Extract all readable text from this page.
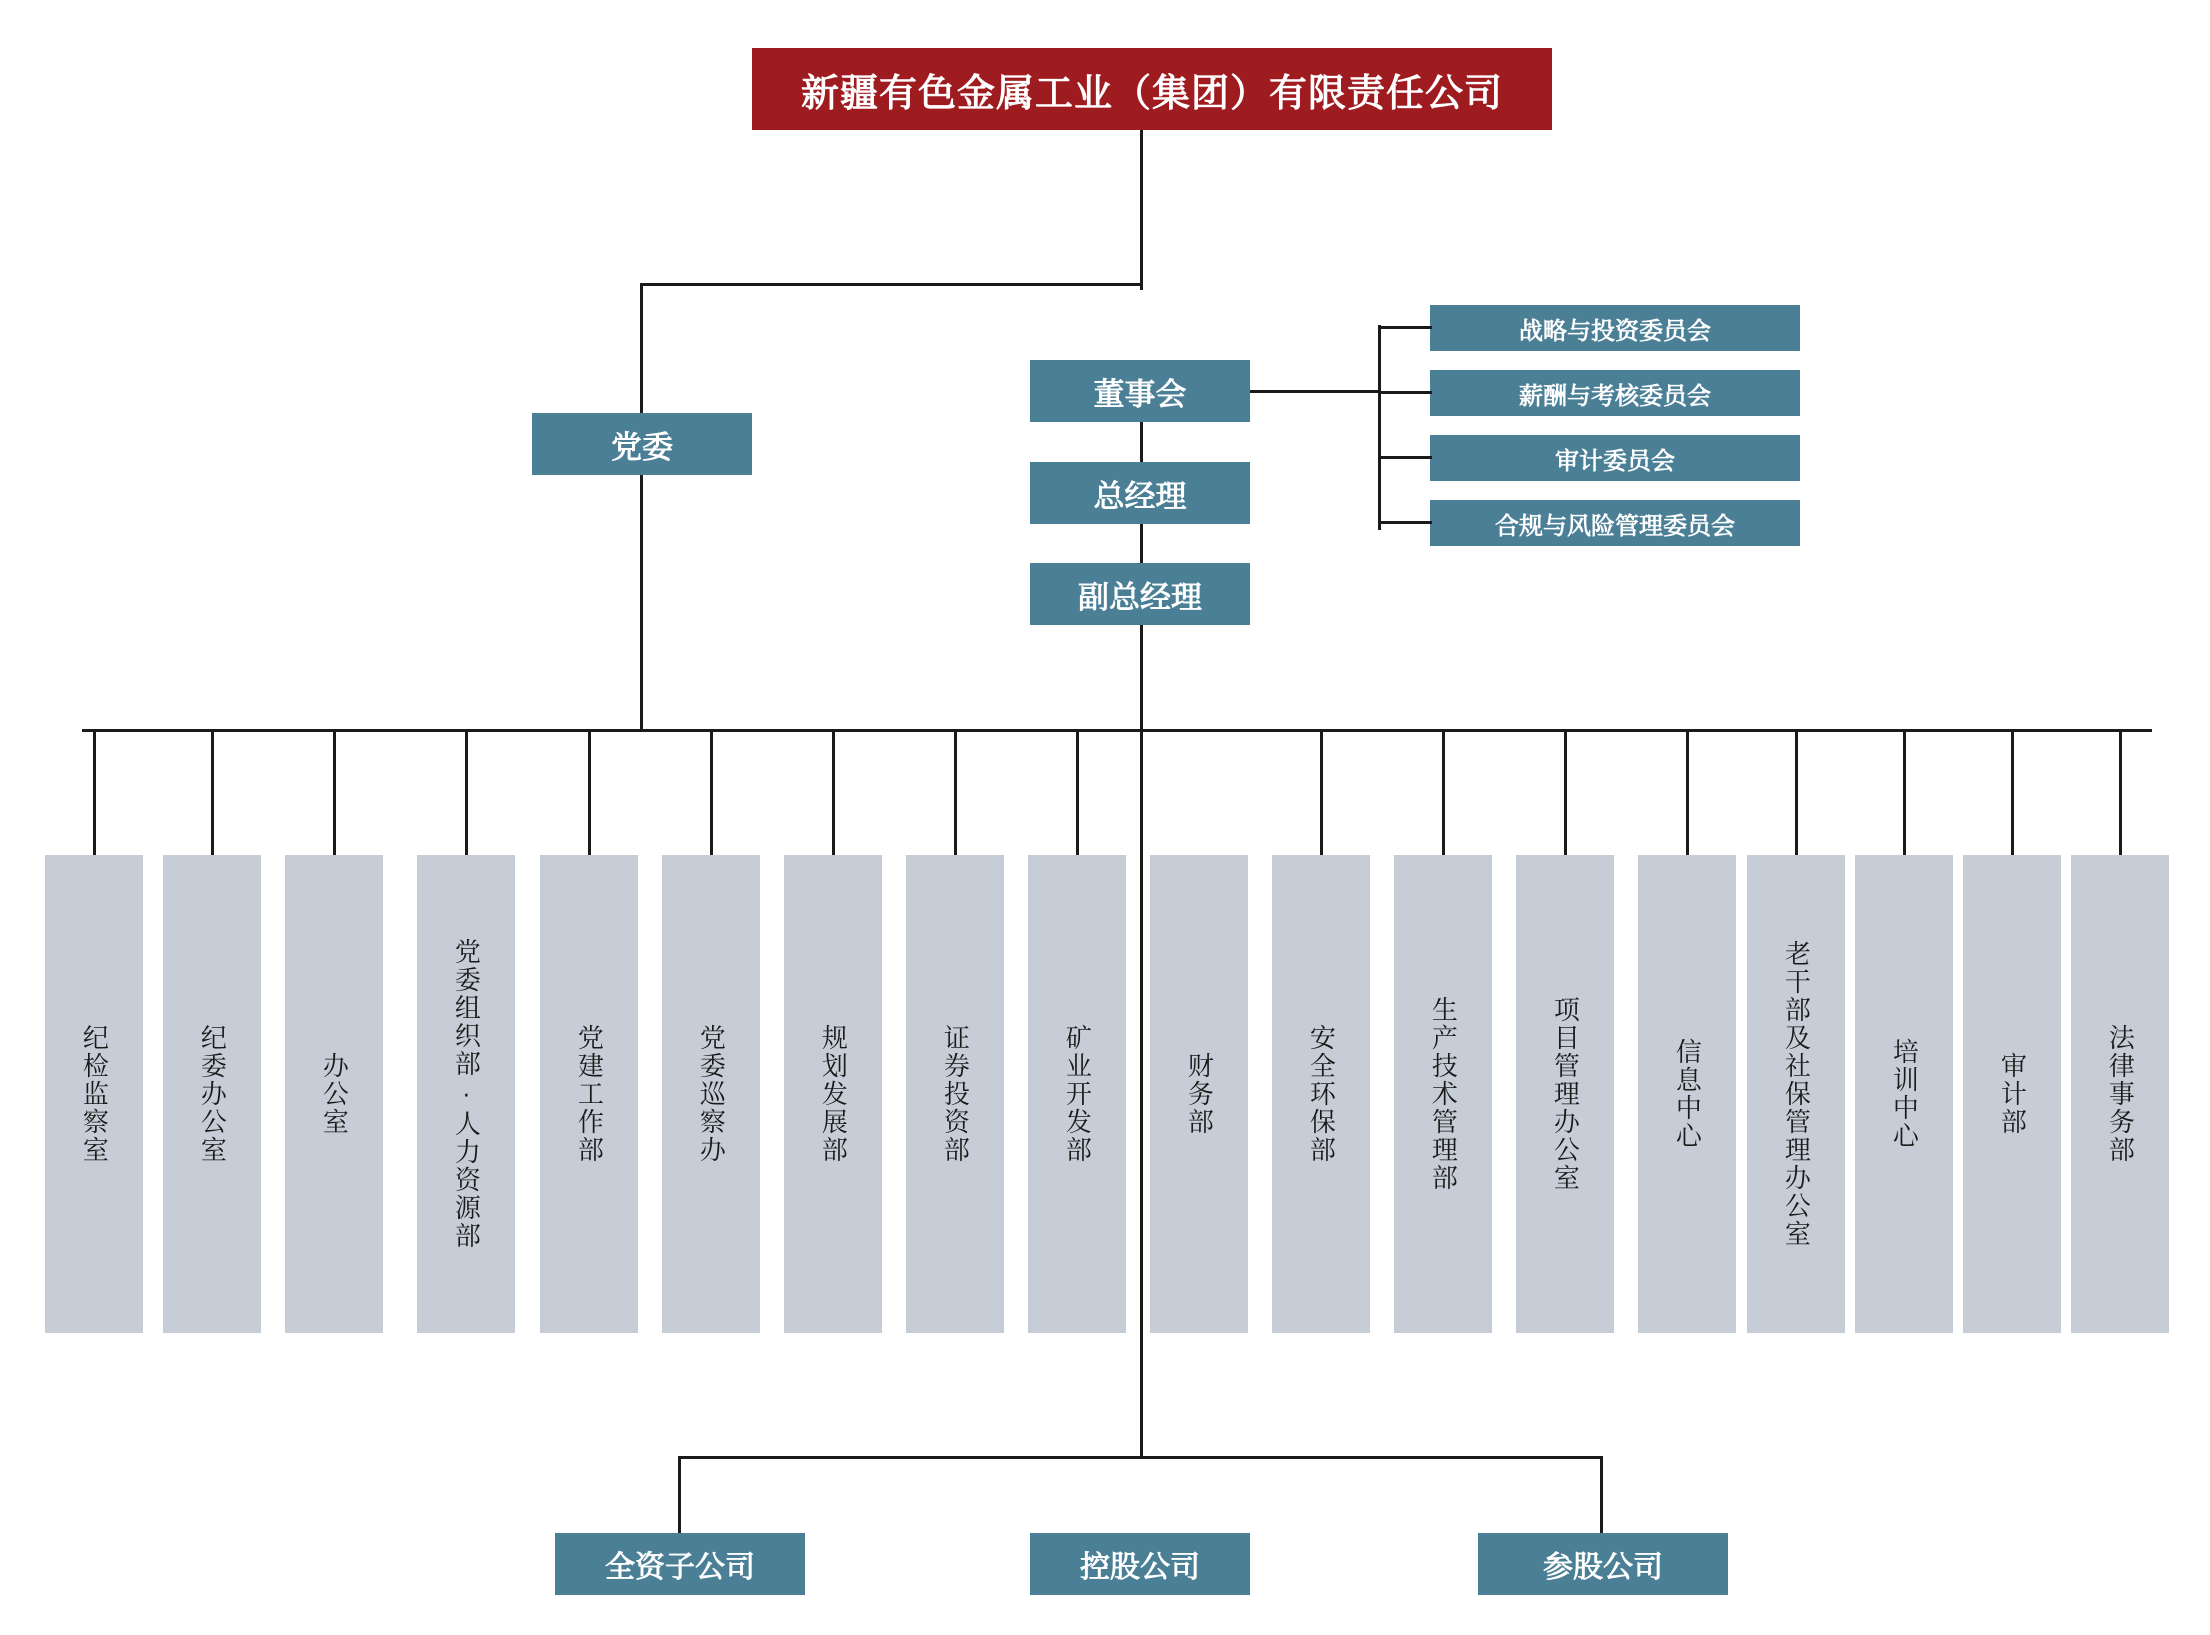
新疆有色金属工业（集团）有限责任公司
党委
董事会
总经理
副总经理
战略与投资委员会
薪酬与考核委员会
审计委员会
合规与风险管理委员会
纪检监察室	纪委办公室	办公室	党委组织部·人力资源部	党建工作部	党委巡察办	规划发展部	证券投资部	矿业开发部	财务部	安全环保部	生产技术管理部	项目管理办公室	信息中心	老干部及社保管理办公室	培训中心	审计部	法律事务部
全资子公司	控股公司	参股公司
